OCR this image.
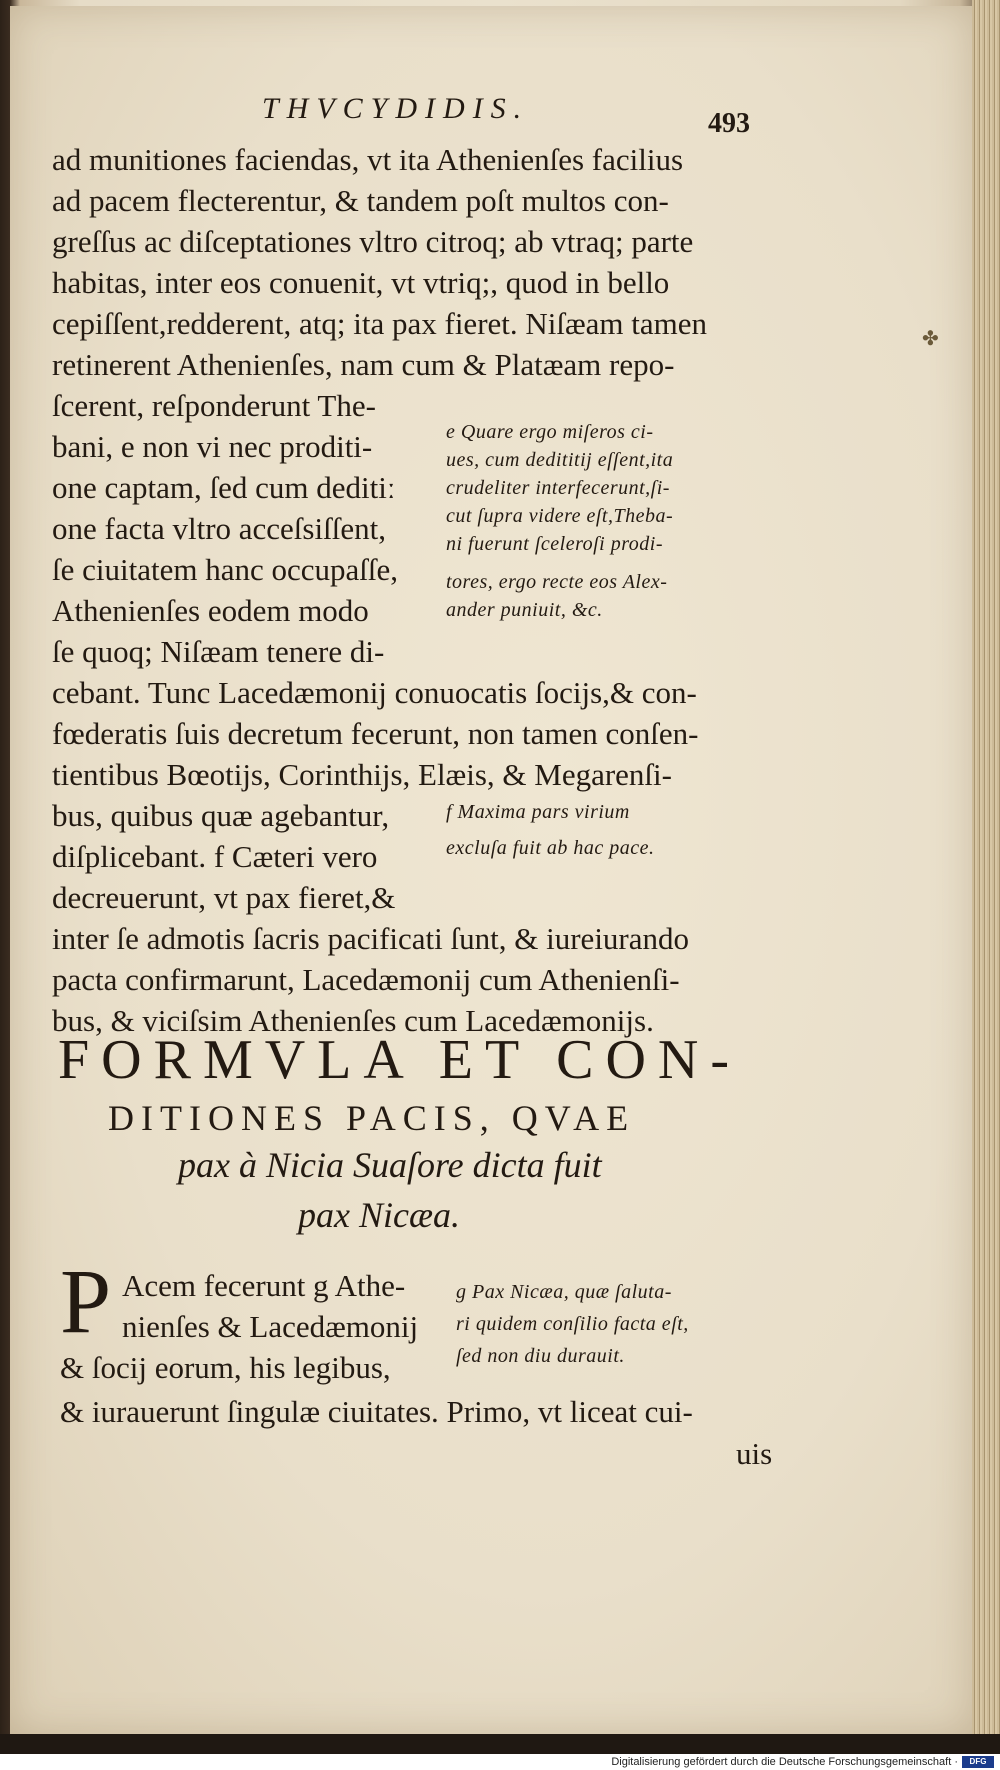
✤
THVCYDIDIS.	493
ad munitiones faciendas, vt ita Athenienſes facilius
ad pacem flecterentur, & tandem poſt multos con-
greſſus ac diſceptationes vltro citroq; ab vtraq; parte
habitas, inter eos conuenit, vt vtriq;, quod in bello
cepiſſent,redderent, atq; ita pax fieret. Niſæam tamen
retinerent Athenienſes, nam cum & Platæam repo-
ſcerent, reſponderunt The-
bani, e non vi nec proditi-
one captam, ſed cum deditiː
one facta vltro acceſsiſſent,
ſe ciuitatem hanc occupaſſe,
Athenienſes eodem modo
ſe quoq; Niſæam tenere di-
cebant. Tunc Lacedæmonij conuocatis ſocijs,& con-
fœderatis ſuis decretum fecerunt, non tamen conſen-
tientibus Bœotijs, Corinthijs, Elæis, & Megarenſi-
bus, quibus quæ agebantur,
diſplicebant. f Cæteri vero
decreuerunt, vt pax fieret,&
inter ſe admotis ſacris pacificati ſunt, & iureiurando
pacta confirmarunt, Lacedæmonij cum Athenienſi-
bus, & viciſsim Athenienſes cum Lacedæmonijs.
e Quare ergo miſeros ci-
ues, cum dedititij eſſent,ita
crudeliter interfecerunt,ſi-
cut ſupra videre eſt,Theba-
ni fuerunt ſceleroſi prodi-
tores, ergo recte eos Alex-
ander puniuit, &c.
f Maxima pars virium
excluſa fuit ab hac pace.
FORMVLA ET CON-
DITIONES PACIS, QVAE
pax à Nicia Suaſore dicta fuit
pax Nicæa.
P Acem fecerunt g Athe-
nienſes & Lacedæmonij
& ſocij eorum, his legibus,
& iurauerunt ſingulæ ciuitates. Primo, vt liceat cui-
uis
g Pax Nicæa, quæ ſaluta-
ri quidem conſilio facta eſt,
ſed non diu durauit.
Digitalisierung gefördert durch die Deutsche Forschungsgemeinschaft ·	DFG
